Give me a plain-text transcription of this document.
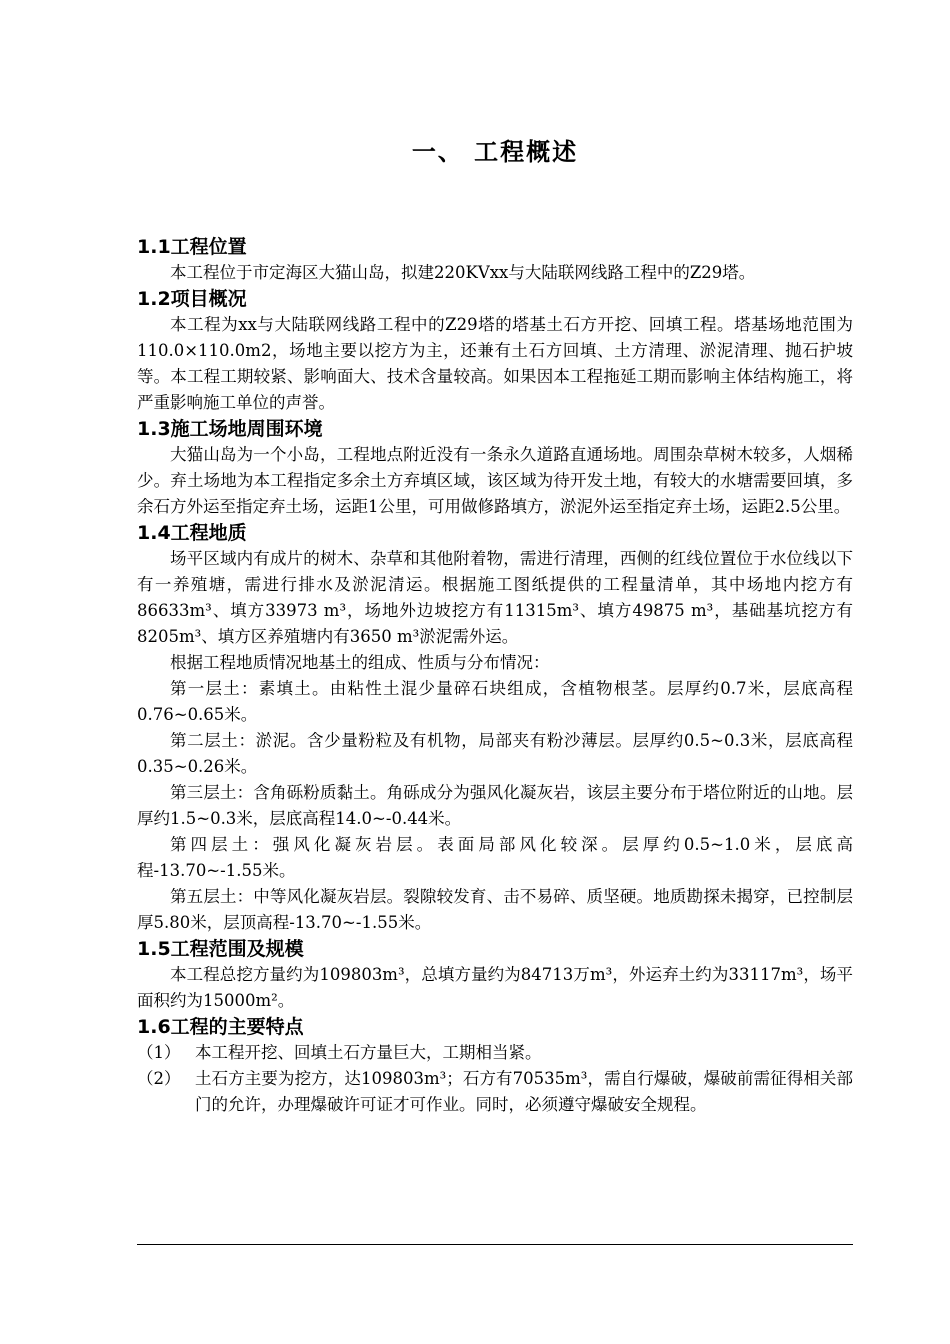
一、 工程概述
1.1工程位置

本工程位于市定海区大猫山岛，拟建220KVxx与大陆联网线路工程中的Z29塔。

1.2项目概况

本工程为xx与大陆联网线路工程中的Z29塔的塔基土石方开挖、回填工程。塔基场地范围为110.0×110.0m2，场地主要以挖方为主，还兼有土石方回填、土方清理、淤泥清理、抛石护坡等。本工程工期较紧、影响面大、技术含量较高。如果因本工程拖延工期而影响主体结构施工，将严重影响施工单位的声誉。

1.3施工场地周围环境

大猫山岛为一个小岛，工程地点附近没有一条永久道路直通场地。周围杂草树木较多，人烟稀少。弃土场地为本工程指定多余土方弃填区域，该区域为待开发土地，有较大的水塘需要回填，多余石方外运至指定弃土场，运距1公里，可用做修路填方，淤泥外运至指定弃土场，运距2.5公里。

1.4工程地质

场平区域内有成片的树木、杂草和其他附着物，需进行清理，西侧的红线位置位于水位线以下有一养殖塘，需进行排水及淤泥清运。根据施工图纸提供的工程量清单，其中场地内挖方有86633m³、填方33973 m³，场地外边坡挖方有11315m³、填方49875 m³，基础基坑挖方有8205m³、填方区养殖塘内有3650 m³淤泥需外运。

根据工程地质情况地基土的组成、性质与分布情况：

第一层土：素填土。由粘性土混少量碎石块组成，含植物根茎。层厚约0.7米，层底高程0.76~0.65米。

第二层土：淤泥。含少量粉粒及有机物，局部夹有粉沙薄层。层厚约0.5~0.3米，层底高程0.35~0.26米。

第三层土：含角砾粉质黏土。角砾成分为强风化凝灰岩，该层主要分布于塔位附近的山地。层厚约1.5~0.3米，层底高程14.0~-0.44米。

第四层土：强风化凝灰岩层。表面局部风化较深。层厚约0.5~1.0米，层底高程-13.70~-1.55米。

第五层土：中等风化凝灰岩层。裂隙较发育、击不易碎、质坚硬。地质勘探未揭穿，已控制层厚5.80米，层顶高程-13.70~-1.55米。

1.5工程范围及规模

本工程总挖方量约为109803m³，总填方量约为84713万m³，外运弃土约为33117m³，场平面积约为15000m²。

1.6工程的主要特点
（1） 本工程开挖、回填土石方量巨大，工期相当紧。
（2） 土石方主要为挖方，达109803m³；石方有70535m³，需自行爆破，爆破前需征得相关部门的允许，办理爆破许可证才可作业。同时，必须遵守爆破安全规程。
